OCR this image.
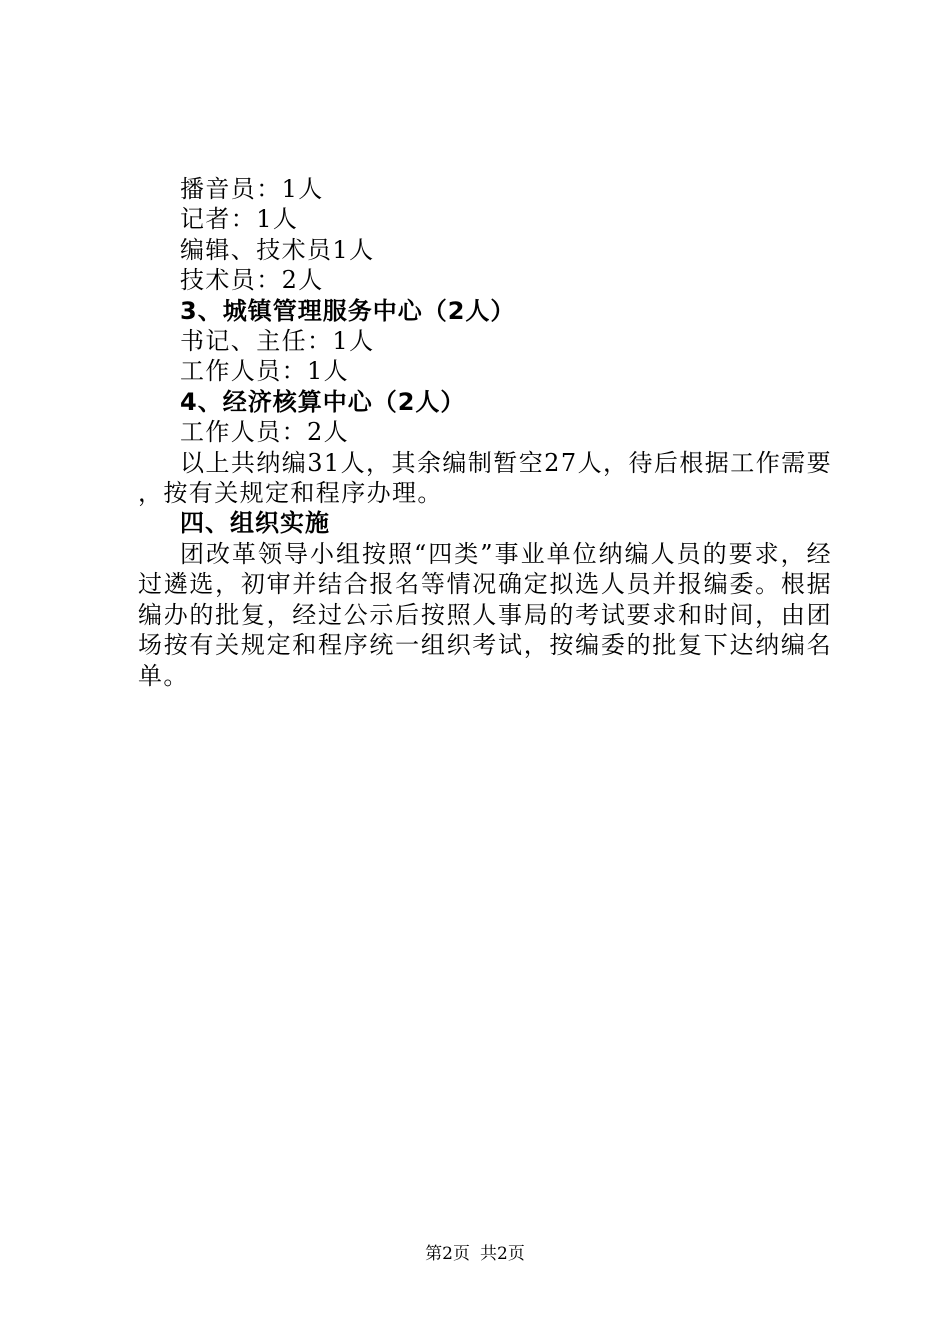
播音员：1人

记者：1人

编辑、技术员1人

技术员：2人

3、城镇管理服务中心（2人）

书记、主任：1人

工作人员：1人

4、经济核算中心（2人）

工作人员：2人

以上共纳编31人，其余编制暂空27人，待后根据工作需要，按有关规定和程序办理。

四、组织实施

团改革领导小组按照“四类”事业单位纳编人员的要求，经过遴选，初审并结合报名等情况确定拟选人员并报编委。根据编办的批复，经过公示后按照人事局的考试要求和时间，由团场按有关规定和程序统一组织考试，按编委的批复下达纳编名单。

第2页 共2页
